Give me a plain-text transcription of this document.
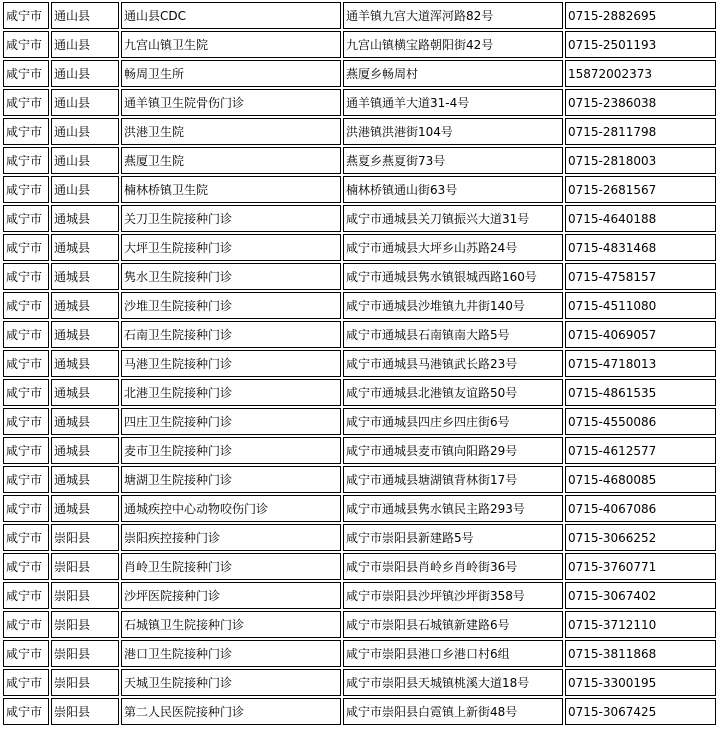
咸宁市	通山县	通山县CDC	通羊镇九宫大道浑河路82号	0715-2882695
咸宁市	通山县	九宫山镇卫生院	九宫山镇横宝路朝阳街42号	0715-2501193
咸宁市	通山县	畅周卫生所	燕厦乡畅周村	15872002373
咸宁市	通山县	通羊镇卫生院骨伤门诊	通羊镇通羊大道31-4号	0715-2386038
咸宁市	通山县	洪港卫生院	洪港镇洪港街104号	0715-2811798
咸宁市	通山县	燕厦卫生院	燕夏乡燕夏街73号	0715-2818003
咸宁市	通山县	楠林桥镇卫生院	楠林桥镇通山街63号	0715-2681567
咸宁市	通城县	关刀卫生院接种门诊	咸宁市通城县关刀镇振兴大道31号	0715-4640188
咸宁市	通城县	大坪卫生院接种门诊	咸宁市通城县大坪乡山苏路24号	0715-4831468
咸宁市	通城县	隽水卫生院接种门诊	咸宁市通城县隽水镇银城西路160号	0715-4758157
咸宁市	通城县	沙堆卫生院接种门诊	咸宁市通城县沙堆镇九井街140号	0715-4511080
咸宁市	通城县	石南卫生院接种门诊	咸宁市通城县石南镇南大路5号	0715-4069057
咸宁市	通城县	马港卫生院接种门诊	咸宁市通城县马港镇武长路23号	0715-4718013
咸宁市	通城县	北港卫生院接种门诊	咸宁市通城县北港镇友谊路50号	0715-4861535
咸宁市	通城县	四庄卫生院接种门诊	咸宁市通城县四庄乡四庄街6号	0715-4550086
咸宁市	通城县	麦市卫生院接种门诊	咸宁市通城县麦市镇向阳路29号	0715-4612577
咸宁市	通城县	塘湖卫生院接种门诊	咸宁市通城县塘湖镇背林街17号	0715-4680085
咸宁市	通城县	通城疾控中心动物咬伤门诊	咸宁市通城县隽水镇民主路293号	0715-4067086
咸宁市	崇阳县	崇阳疾控接种门诊	咸宁市崇阳县新建路5号	0715-3066252
咸宁市	崇阳县	肖岭卫生院接种门诊	咸宁市崇阳县肖岭乡肖岭街36号	0715-3760771
咸宁市	崇阳县	沙坪医院接种门诊	咸宁市崇阳县沙坪镇沙坪街358号	0715-3067402
咸宁市	崇阳县	石城镇卫生院接种门诊	咸宁市崇阳县石城镇新建路6号	0715-3712110
咸宁市	崇阳县	港口卫生院接种门诊	咸宁市崇阳县港口乡港口村6组	0715-3811868
咸宁市	崇阳县	天城卫生院接种门诊	咸宁市崇阳县天城镇桃溪大道18号	0715-3300195
咸宁市	崇阳县	第二人民医院接种门诊	咸宁市崇阳县白霓镇上新街48号	0715-3067425
